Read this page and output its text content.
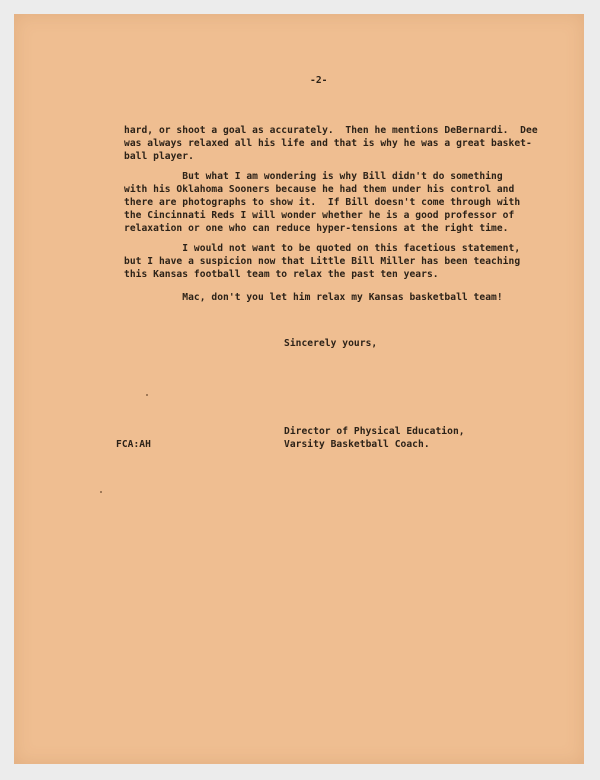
-2-
hard, or shoot a goal as accurately.  Then he mentions DeBernardi.  Dee
was always relaxed all his life and that is why he was a great basket-
ball player.
But what I am wondering is why Bill didn't do something
with his Oklahoma Sooners because he had them under his control and
there are photographs to show it.  If Bill doesn't come through with
the Cincinnati Reds I will wonder whether he is a good professor of
relaxation or one who can reduce hyper-tensions at the right time.
I would not want to be quoted on this facetious statement,
but I have a suspicion now that Little Bill Miller has been teaching
this Kansas football team to relax the past ten years.
Mac, don't you let him relax my Kansas basketball team!
Sincerely yours,
Director of Physical Education,
Varsity Basketball Coach.
FCA:AH
